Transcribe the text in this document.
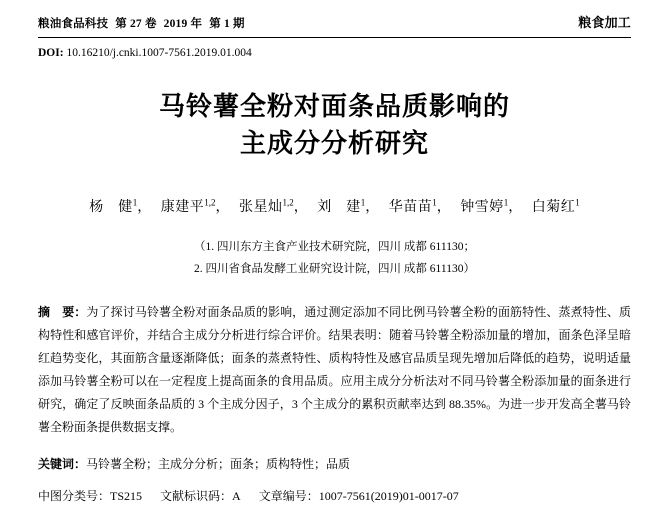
粮油食品科技 第 27 卷 2019 年 第 1 期	粮食加工
DOI: 10.16210/j.cnki.1007-7561.2019.01.004
马铃薯全粉对面条品质影响的
主成分分析研究
杨　健$^1$， 康建平$^{1,2}$， 张星灿$^{1,2}$， 刘　建$^1$， 华苗苗$^1$， 钟雪婷$^1$， 白菊红$^1$
（1. 四川东方主食产业技术研究院，四川 成都 611130；
2. 四川省食品发酵工业研究设计院，四川 成都 611130）
摘　要：为了探讨马铃薯全粉对面条品质的影响，通过测定添加不同比例马铃薯全粉的面筋特性、蒸煮特性、质构特性和感官评价，并结合主成分分析进行综合评价。结果表明：随着马铃薯全粉添加量的增加，面条色泽呈暗红趋势变化，其面筋含量逐渐降低；面条的蒸煮特性、质构特性及感官品质呈现先增加后降低的趋势，说明适量添加马铃薯全粉可以在一定程度上提高面条的食用品质。应用主成分分析法对不同马铃薯全粉添加量的面条进行研究，确定了反映面条品质的 3 个主成分因子，3 个主成分的累积贡献率达到 88.35%。为进一步开发高全薯马铃薯全粉面条提供数据支撑。
关键词：马铃薯全粉；主成分分析；面条；质构特性；品质
中图分类号：TS215 文献标识码：A 文章编号：1007-7561(2019)01-0017-07
